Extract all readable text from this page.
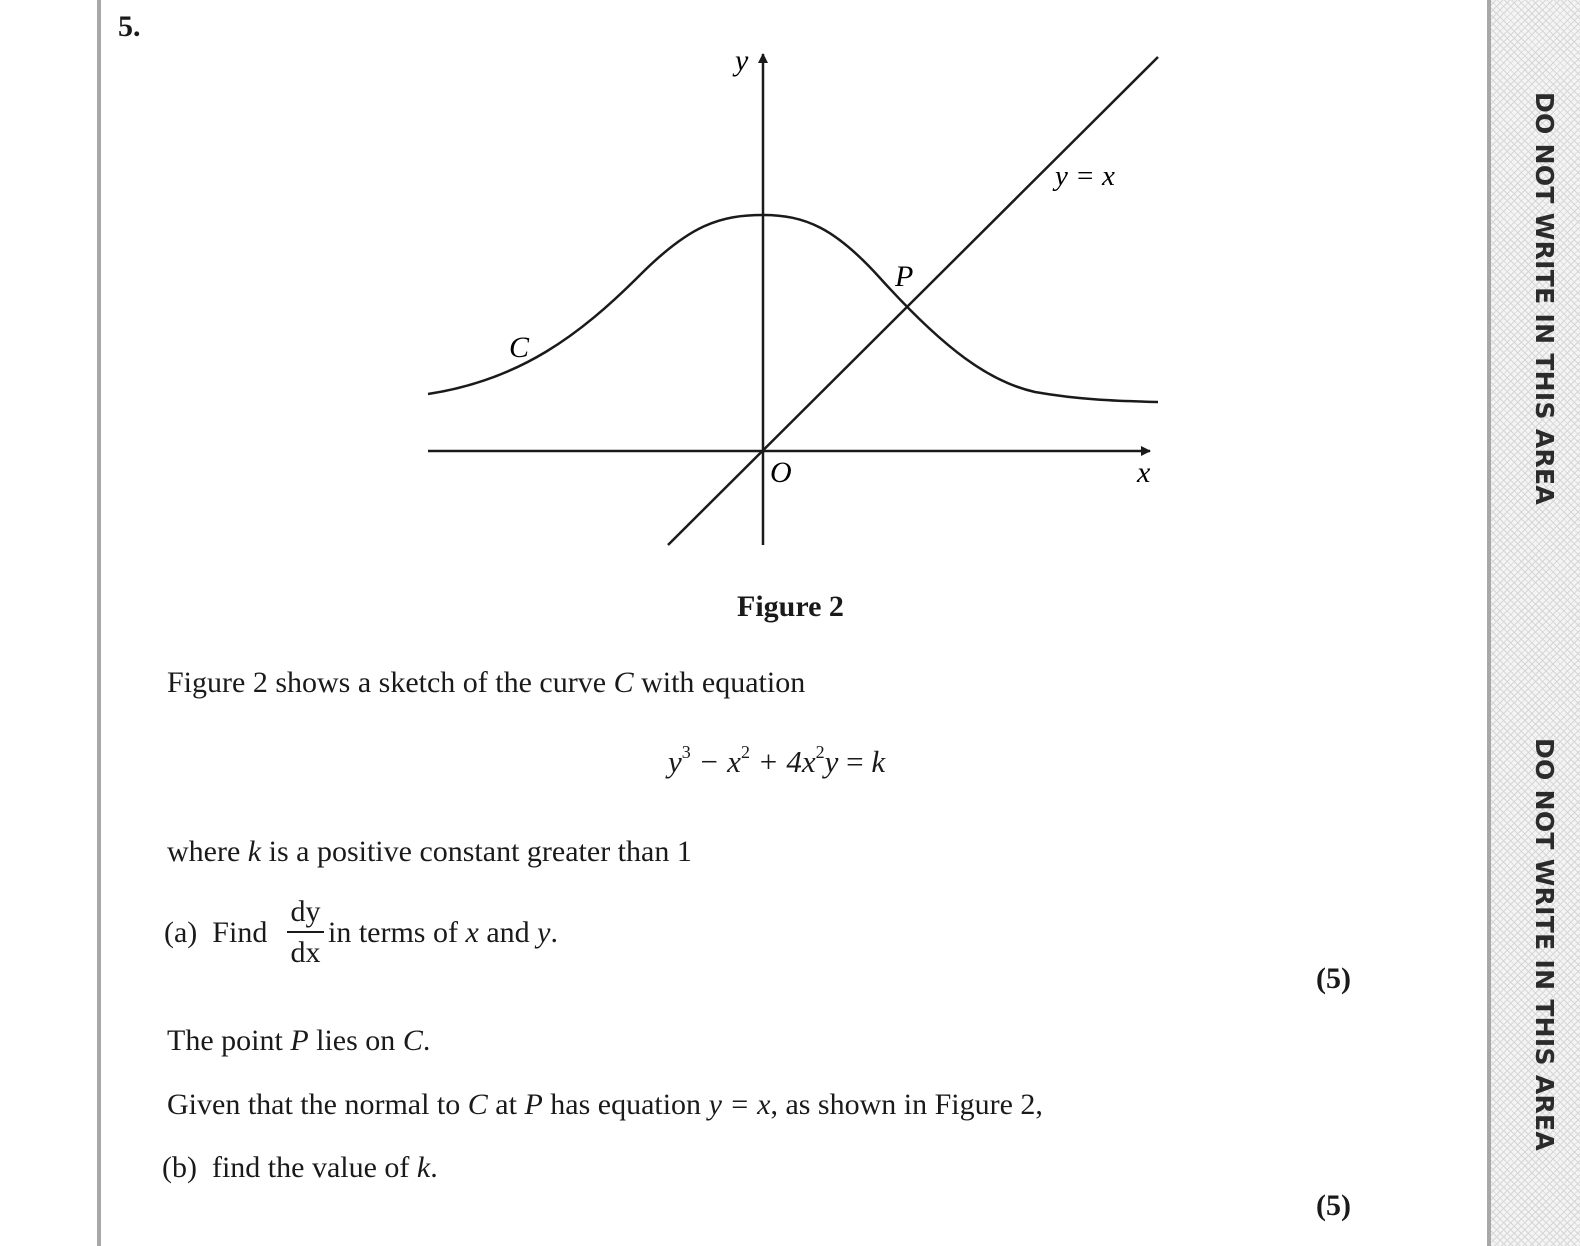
DO NOT WRITE IN THIS AREA
DO NOT WRITE IN THIS AREA
5.
y
x
O
C
P
y = x
Figure 2
Figure 2 shows a sketch of the curve C with equation
$y^3 - x^2 + 4x^2y = k$
where k is a positive constant greater than 1
(a) Find
dy
dx
in terms of x and y.
(5)
The point P lies on C.
Given that the normal to C at P has equation y = x, as shown in Figure 2,
(b) find the value of k.
(5)
